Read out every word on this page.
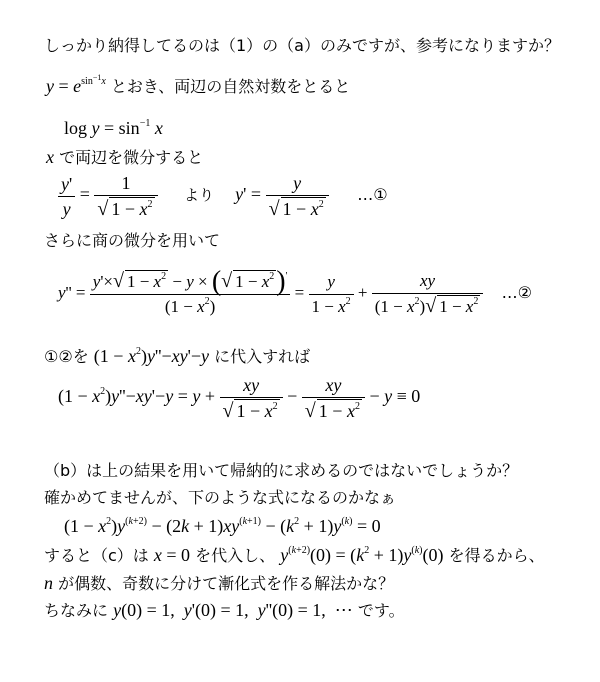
しっかり納得してるのは（1）の（a）のみですが、参考になりますか？
$y = e^{sin^{-1}x}$ とおき、両辺の自然対数をとると
$\log y = \sin^{-1} x$
x で両辺を微分すると
$\frac{y'}{y} = \frac{1}{√ 1 - x^2}$ より $y' = \frac{y}{√ 1 - x^2}$ …①
さらに商の微分を用いて
$y'' = \frac{y'\times√ 1 - x^2 - y \times (√ 1 - x^2)'}{(1 - x^2)} = \frac{y}{1 - x^2} + \frac{xy}{(1 - x^2)√ 1 - x^2}$ …②
①②を $(1 - x^2)y''-xy'-y$ に代入すれば
$(1 - x^2)y''-xy'-y = y + \frac{xy}{√ 1 - x^2} - \frac{xy}{√ 1 - x^2} - y \equiv 0$
（b）は上の結果を用いて帰納的に求めるのではないでしょうか？
確かめてませんが、下のような式になるのかなぁ
$(1 - x^2)y^{(k+2)} - (2k + 1)xy^{(k+1)} - (k^2 + 1)y^{(k)} = 0$
すると（c）は x = 0 を代入し、 $y^{(k+2)}(0) = (k^2 + 1)y^{(k)}(0)$ を得るから、
n が偶数、奇数に分けて漸化式を作る解法かな？
ちなみに y(0) = 1,  y'(0) = 1,  y''(0) = 1,  ⋯ です。
